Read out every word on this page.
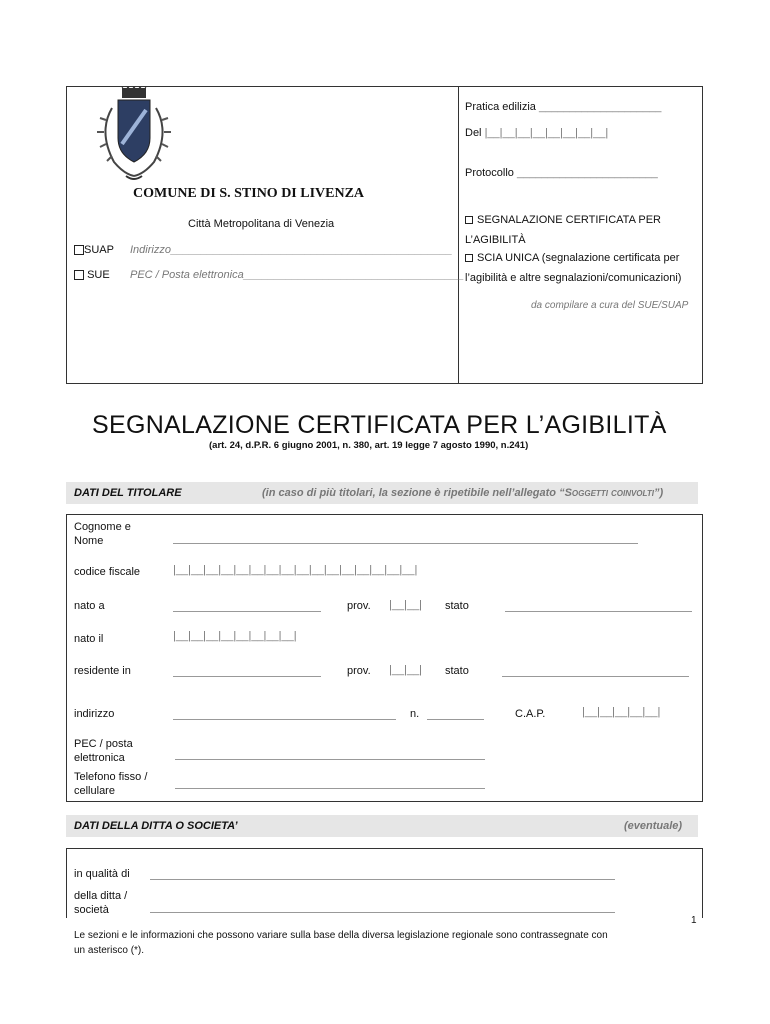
COMUNE DI S. STINO DI LIVENZA
Città Metropolitana di Venezia
SUAP Indirizzo______________________________________________
SUE PEC / Posta elettronica____________________________________
Pratica edilizia ____________________
Del |__|__|__|__|__|__|__|__|
Protocollo _______________________
SEGNALAZIONE CERTIFICATA PER
L’AGIBILITÀ
SCIA UNICA (segnalazione certificata per
l’agibilità e altre segnalazioni/comunicazioni)
da compilare a cura del SUE/SUAP
SEGNALAZIONE CERTIFICATA PER L’AGIBILITÀ
(art. 24, d.P.R. 6 giugno 2001, n. 380, art. 19 legge 7 agosto 1990, n.241)
DATI DEL TITOLARE	(in caso di più titolari, la sezione è ripetibile nell’allegato “Soggetti coinvolti”)
Cognome e
Nome
codice fiscale	|__|__|__|__|__|__|__|__|__|__|__|__|__|__|__|__|
nato a	prov. |__|__| stato
nato il	|__|__|__|__|__|__|__|__|
residente in	prov. |__|__| stato
indirizzo	n.	C.A.P.	|__|__|__|__|__|
PEC / posta
elettronica
Telefono fisso /
cellulare
DATI DELLA DITTA O SOCIETA’	(eventuale)
in qualità di
della ditta /
società
1
Le sezioni e le informazioni che possono variare sulla base della diversa legislazione regionale sono contrassegnate con
un asterisco (*).
